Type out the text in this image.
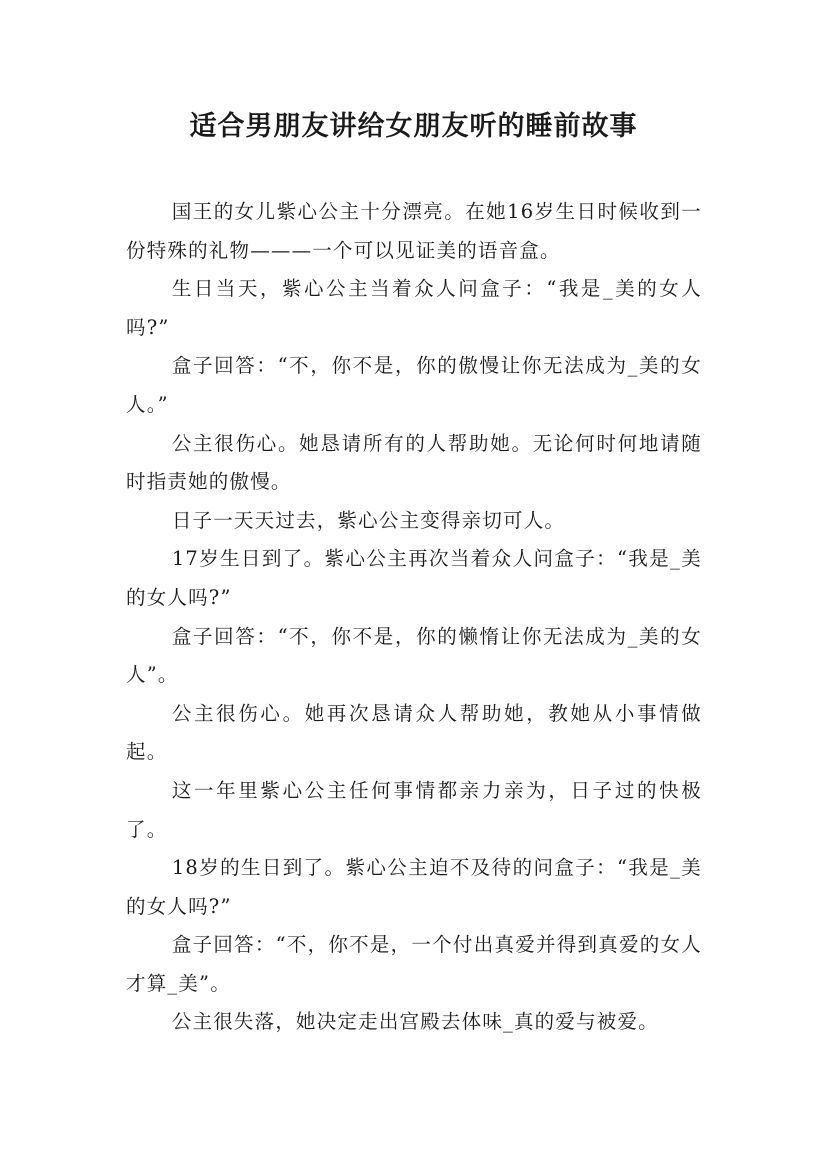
适合男朋友讲给女朋友听的睡前故事

国王的女儿紫心公主十分漂亮。在她16岁生日时候收到一份特殊的礼物———一个可以见证美的语音盒。

生日当天，紫心公主当着众人问盒子：“我是_美的女人吗?”

盒子回答：“不，你不是，你的傲慢让你无法成为_美的女人。”

公主很伤心。她恳请所有的人帮助她。无论何时何地请随时指责她的傲慢。

日子一天天过去，紫心公主变得亲切可人。

17岁生日到了。紫心公主再次当着众人问盒子：“我是_美的女人吗?”

盒子回答：“不，你不是，你的懒惰让你无法成为_美的女人”。

公主很伤心。她再次恳请众人帮助她，教她从小事情做起。

这一年里紫心公主任何事情都亲力亲为，日子过的快极了。

18岁的生日到了。紫心公主迫不及待的问盒子：“我是_美的女人吗?”

盒子回答：“不，你不是，一个付出真爱并得到真爱的女人才算_美”。

公主很失落，她决定走出宫殿去体味_真的爱与被爱。
